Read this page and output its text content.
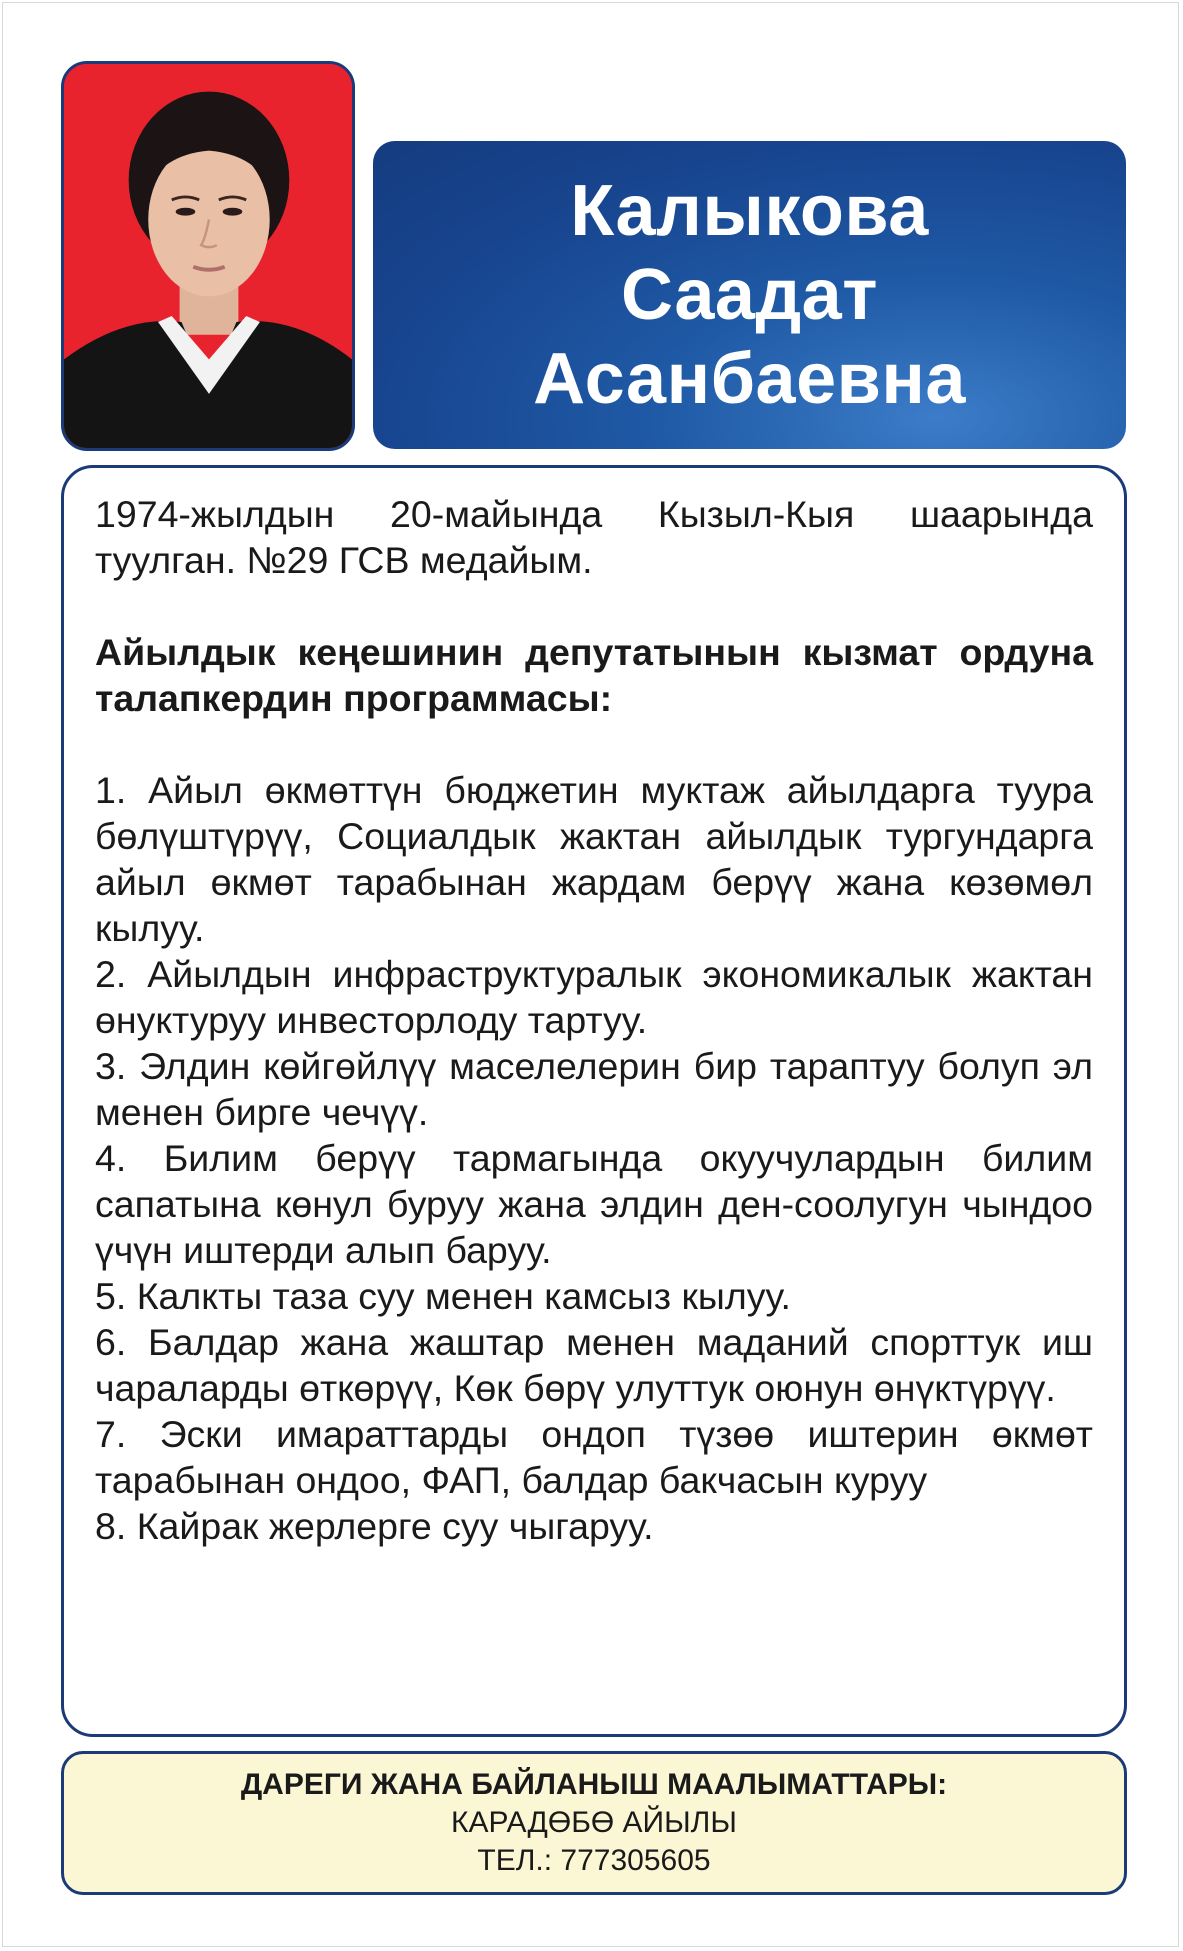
Калыкова
Саадат
Асанбаевна

1974-жылдын 20-майында Кызыл-Кыя шаарында туулган. №29 ГСВ медайым.

Айылдык кеңешинин депутатынын кызмат ордуна талапкердин программасы:

1. Айыл өкмөттүн бюджетин муктаж айылдарга туура бөлүштүрүү, Социалдык жактан айылдык тургундарга айыл өкмөт тарабынан жардам берүү жана көзөмөл кылуу.

2. Айылдын инфраструктуралык экономикалык жактан өнуктуруу инвесторлоду тартуу.

3. Элдин көйгөйлүү маселелерин бир тараптуу болуп эл менен бирге чечүү.

4. Билим берүү тармагында окуучулардын билим сапатына көнул буруу жана элдин ден-соолугун чындоо үчүн иштерди алып баруу.

5. Калкты таза суу менен камсыз кылуу.

6. Балдар жана жаштар менен маданий спорттук иш чараларды өткөрүү, Көк бөрү улуттук оюнун өнүктүрүү.

7. Эски имараттарды ондоп түзөө иштерин өкмөт тарабынан ондоо, ФАП, балдар бакчасын куруу

8. Кайрак жерлерге суу чыгаруу.

ДАРЕГИ ЖАНА БАЙЛАНЫШ МААЛЫМАТТАРЫ:
КАРАДӨБӨ АЙЫЛЫ
ТЕЛ.: 777305605
